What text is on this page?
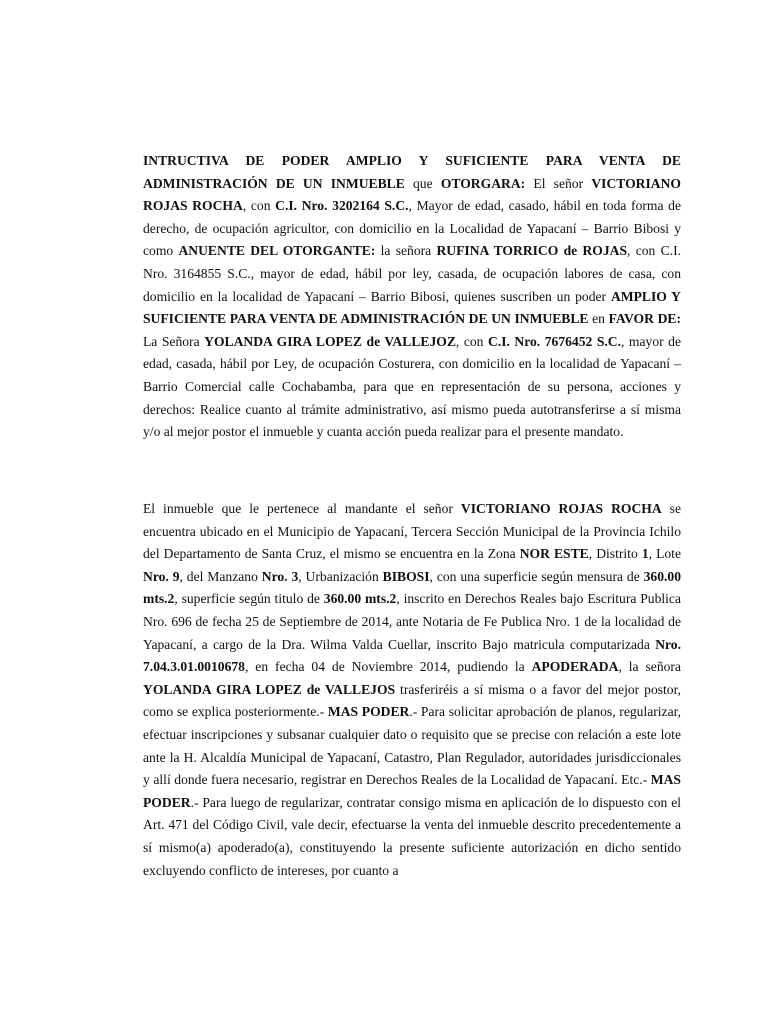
INTRUCTIVA DE PODER AMPLIO Y SUFICIENTE PARA VENTA DE ADMINISTRACIÓN DE UN INMUEBLE que OTORGARA: El señor VICTORIANO ROJAS ROCHA, con C.I. Nro. 3202164 S.C., Mayor de edad, casado, hábil en toda forma de derecho, de ocupación agricultor, con domicilio en la Localidad de Yapacaní – Barrio Bibosi y como ANUENTE DEL OTORGANTE: la señora RUFINA TORRICO de ROJAS, con C.I. Nro. 3164855 S.C., mayor de edad, hábil por ley, casada, de ocupación labores de casa, con domicilio en la localidad de Yapacaní – Barrio Bibosi, quienes suscriben un poder AMPLIO Y SUFICIENTE PARA VENTA DE ADMINISTRACIÓN DE UN INMUEBLE en FAVOR DE: La Señora YOLANDA GIRA LOPEZ de VALLEJOZ, con C.I. Nro. 7676452 S.C., mayor de edad, casada, hábil por Ley, de ocupación Costurera, con domicilio en la localidad de Yapacaní – Barrio Comercial calle Cochabamba, para que en representación de su persona, acciones y derechos: Realice cuanto al trámite administrativo, así mismo pueda autotransferirse a sí misma y/o al mejor postor el inmueble y cuanta acción pueda realizar para el presente mandato.

El inmueble que le pertenece al mandante el señor VICTORIANO ROJAS ROCHA se encuentra ubicado en el Municipio de Yapacaní, Tercera Sección Municipal de la Provincia Ichilo del Departamento de Santa Cruz, el mismo se encuentra en la Zona NOR ESTE, Distrito 1, Lote Nro. 9, del Manzano Nro. 3, Urbanización BIBOSI, con una superficie según mensura de 360.00 mts.2, superficie según titulo de 360.00 mts.2, inscrito en Derechos Reales bajo Escritura Publica Nro. 696 de fecha 25 de Septiembre de 2014, ante Notaria de Fe Publica Nro. 1 de la localidad de Yapacaní, a cargo de la Dra. Wilma Valda Cuellar, inscrito Bajo matricula computarizada Nro. 7.04.3.01.0010678, en fecha 04 de Noviembre 2014, pudiendo la APODERADA, la señora YOLANDA GIRA LOPEZ de VALLEJOS trasferiréis a sí misma o a favor del mejor postor, como se explica posteriormente.- MAS PODER.- Para solicitar aprobación de planos, regularizar, efectuar inscripciones y subsanar cualquier dato o requisito que se precise con relación a este lote ante la H. Alcaldía Municipal de Yapacaní, Catastro, Plan Regulador, autoridades jurisdiccionales y allí donde fuera necesario, registrar en Derechos Reales de la Localidad de Yapacaní. Etc.- MAS PODER.- Para luego de regularizar, contratar consigo misma en aplicación de lo dispuesto con el Art. 471 del Código Civil, vale decir, efectuarse la venta del inmueble descrito precedentemente a sí mismo(a) apoderado(a), constituyendo la presente suficiente autorización en dicho sentido excluyendo conflicto de intereses, por cuanto a
